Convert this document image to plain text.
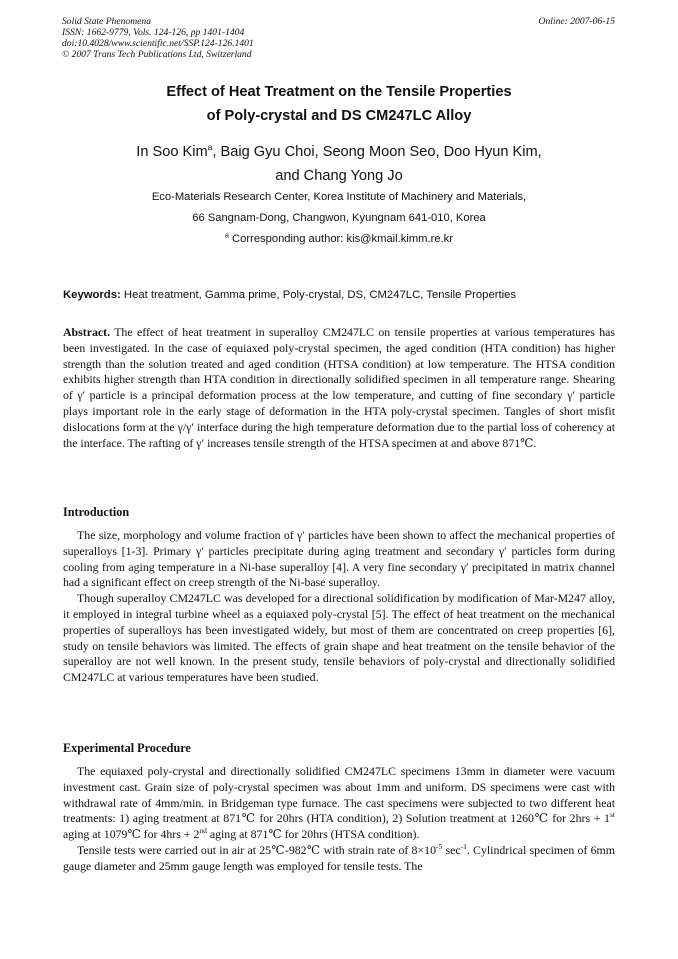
Solid State Phenomena
ISSN: 1662-9779, Vols. 124-126, pp 1401-1404
doi:10.4028/www.scientific.net/SSP.124-126.1401
© 2007 Trans Tech Publications Ltd, Switzerland
Online: 2007-06-15
Effect of Heat Treatment on the Tensile Properties
of Poly-crystal and DS CM247LC Alloy
In Soo Kim$^a$, Baig Gyu Choi, Seong Moon Seo, Doo Hyun Kim,
and Chang Yong Jo
Eco-Materials Research Center, Korea Institute of Machinery and Materials,
66 Sangnam-Dong, Changwon, Kyungnam 641-010, Korea
$^a$ Corresponding author: kis@kmail.kimm.re.kr
Keywords: Heat treatment, Gamma prime, Poly-crystal, DS, CM247LC, Tensile Properties

Abstract. The effect of heat treatment in superalloy CM247LC on tensile properties at various temperatures has been investigated. In the case of equiaxed poly-crystal specimen, the aged condition (HTA condition) has higher strength than the solution treated and aged condition (HTSA condition) at low temperature. The HTSA condition exhibits higher strength than HTA condition in directionally solidified specimen in all temperature range. Shearing of γ′ particle is a principal deformation process at the low temperature, and cutting of fine secondary γ′ particle plays important role in the early stage of deformation in the HTA poly-crystal specimen. Tangles of short misfit dislocations form at the γ/γ′ interface during the high temperature deformation due to the partial loss of coherency at the interface. The rafting of γ′ increases tensile strength of the HTSA specimen at and above 871℃.

Introduction

The size, morphology and volume fraction of γ′ particles have been shown to affect the mechanical properties of superalloys [1-3]. Primary γ′ particles precipitate during aging treatment and secondary γ′ particles form during cooling from aging temperature in a Ni-base superalloy [4]. A very fine secondary γ′ precipitated in matrix channel had a significant effect on creep strength of the Ni-base superalloy.

Though superalloy CM247LC was developed for a directional solidification by modification of Mar-M247 alloy, it employed in integral turbine wheel as a equiaxed poly-crystal [5]. The effect of heat treatment on the mechanical properties of superalloys has been investigated widely, but most of them are concentrated on creep properties [6], study on tensile behaviors was limited. The effects of grain shape and heat treatment on the tensile behavior of the superalloy are not well known. In the present study, tensile behaviors of poly-crystal and directionally solidified CM247LC at various temperatures have been studied.

Experimental Procedure

The equiaxed poly-crystal and directionally solidified CM247LC specimens 13mm in diameter were vacuum investment cast. Grain size of poly-crystal specimen was about 1mm and uniform. DS specimens were cast with withdrawal rate of 4mm/min. in Bridgeman type furnace. The cast specimens were subjected to two different heat treatments: 1) aging treatment at 871℃ for 20hrs (HTA condition), 2) Solution treatment at 1260℃ for 2hrs + 1st aging at 1079℃ for 4hrs + 2nd aging at 871℃ for 20hrs (HTSA condition).

Tensile tests were carried out in air at 25℃-982℃ with strain rate of $8\times 10^{-5}$ $\sec^{-1}$. Cylindrical specimen of 6mm gauge diameter and 25mm gauge length was employed for tensile tests. The
